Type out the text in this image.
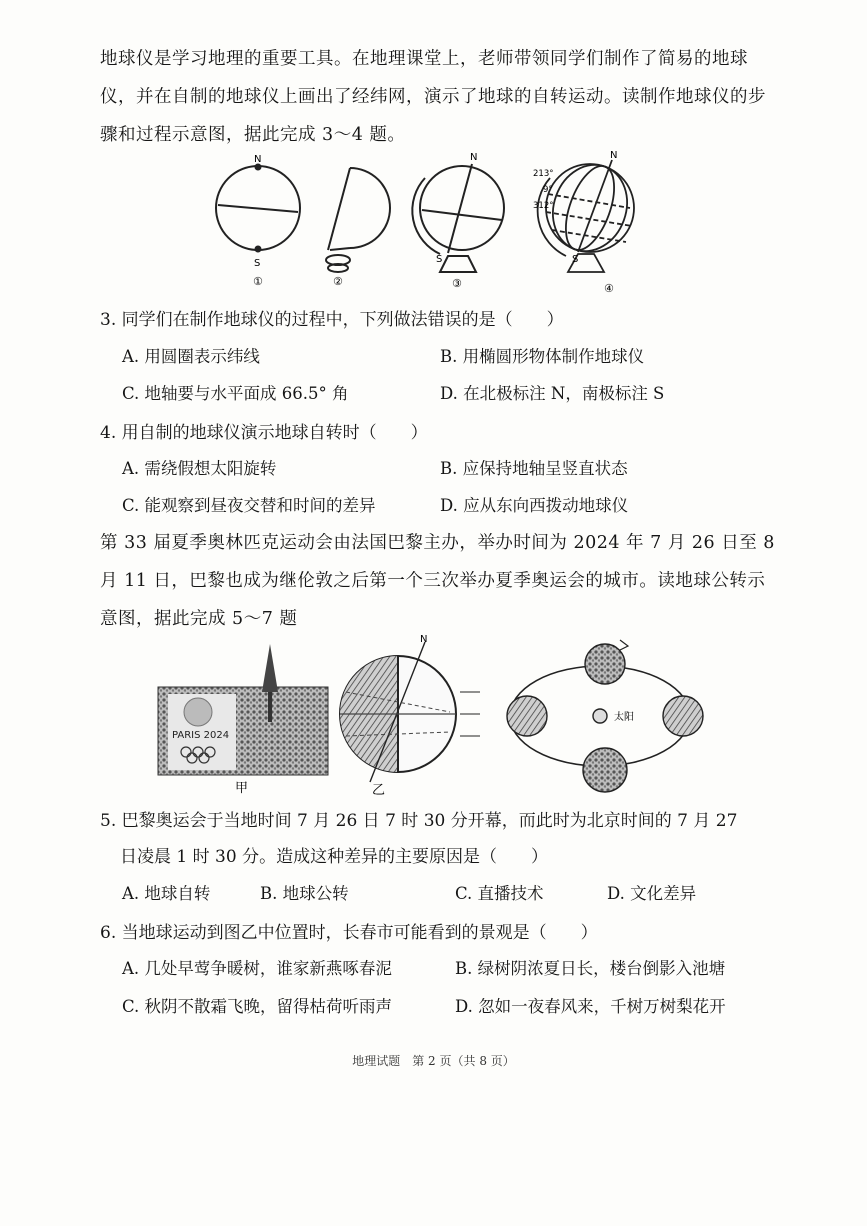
地球仪是学习地理的重要工具。在地理课堂上，老师带领同学们制作了简易的地球仪，并在自制的地球仪上画出了经纬网，演示了地球的自转运动。读制作地球仪的步骤和过程示意图，据此完成 3～4 题。
N
S
①	②
N
S
③
N
S
213°
9°
312°
④
3. 同学们在制作地球仪的过程中，下列做法错误的是（　　）
A. 用圆圈表示纬线	B. 用椭圆形物体制作地球仪
C. 地轴要与水平面成 66.5° 角	D. 在北极标注 N，南极标注 S
4. 用自制的地球仪演示地球自转时（　　）
A. 需绕假想太阳旋转	B. 应保持地轴呈竖直状态
C. 能观察到昼夜交替和时间的差异	D. 应从东向西拨动地球仪
第 33 届夏季奥林匹克运动会由法国巴黎主办，举办时间为 2024 年 7 月 26 日至 8 月 11 日，巴黎也成为继伦敦之后第一个三次举办夏季奥运会的城市。读地球公转示意图，据此完成 5～7 题
PARIS 2024
甲
N
乙
太阳
5. 巴黎奥运会于当地时间 7 月 26 日 7 时 30 分开幕，而此时为北京时间的 7 月 27
日凌晨 1 时 30 分。造成这种差异的主要原因是（　　）
A. 地球自转	B. 地球公转	C. 直播技术	D. 文化差异
6. 当地球运动到图乙中位置时，长春市可能看到的景观是（　　）
A. 几处早莺争暖树，谁家新燕啄春泥	B. 绿树阴浓夏日长，楼台倒影入池塘
C. 秋阴不散霜飞晚，留得枯荷听雨声	D. 忽如一夜春风来，千树万树梨花开
地理试题　第 2 页（共 8 页）
